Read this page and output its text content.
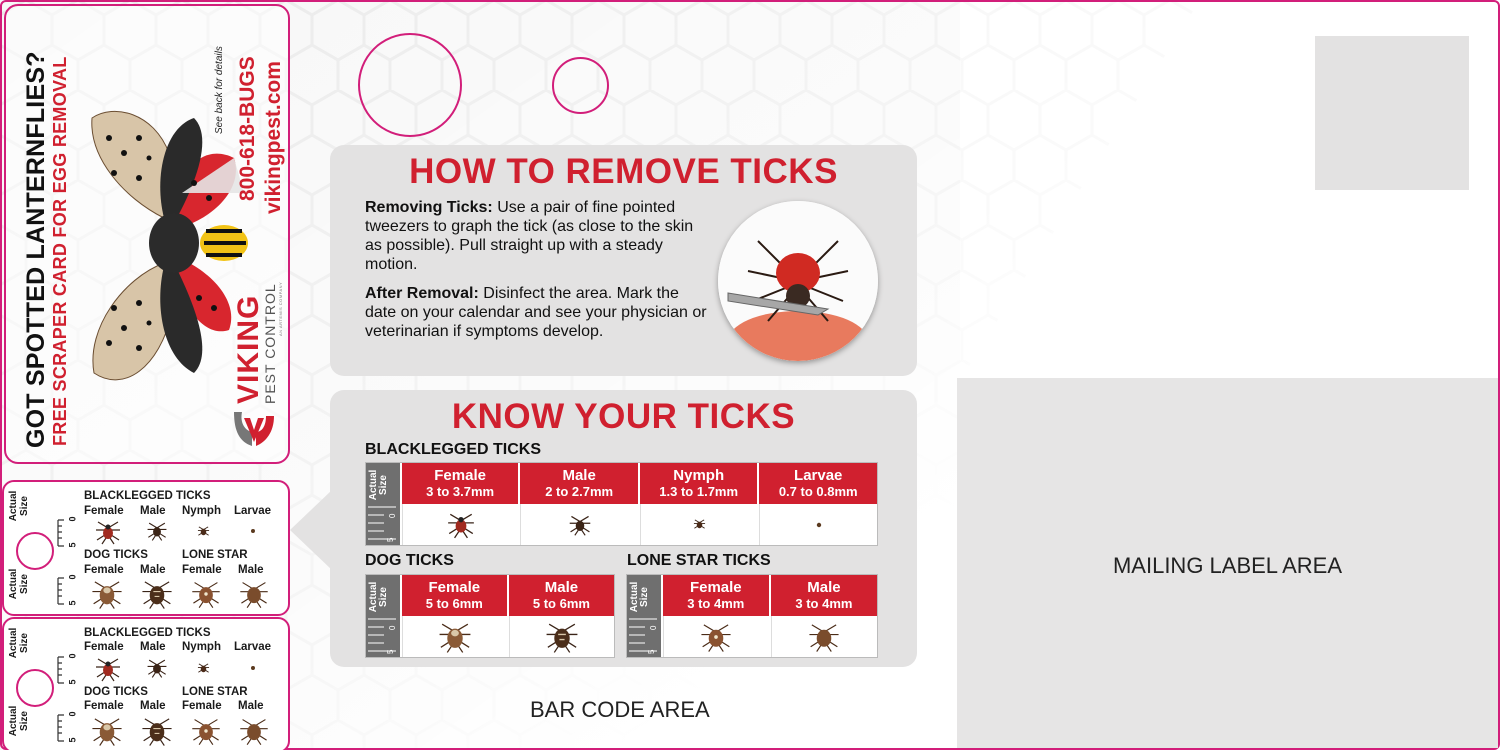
GOT SPOTTED LANTERNFLIES? FREE SCRAPER CARD FOR EGG REMOVAL	See back for details 800-618-BUGS vikingpest.com
VIKING
PEST CONTROL AN ARTEMIS COMPANY
Actual Size
Actual Size
0
5
0
5
BLACKLEGGED TICKS
Female Male Nymph Larvae
DOG TICKS	LONE STAR
Female Male Female Male
Actual Size
Actual Size
0
5
0
5
BLACKLEGGED TICKS
Female Male Nymph Larvae
DOG TICKS	LONE STAR
Female Male Female Male
HOW TO REMOVE TICKS

Removing Ticks: Use a pair of fine pointed tweezers to graph the tick (as close to the skin as possible). Pull straight up with a steady motion.

After Removal: Disinfect the area. Mark the date on your calendar and see your physician or veterinarian if symptoms develop.

KNOW YOUR TICKS
BLACKLEGGED TICKS
Actual Size
0
5
Female
3 to 3.7mm
Male
2 to 2.7mm
Nymph
1.3 to 1.7mm
Larvae
0.7 to 0.8mm
DOG TICKS
Actual Size
0
5
Female
5 to 6mm
Male
5 to 6mm
LONE STAR TICKS
Actual Size
0
5
Female
3 to 4mm
Male
3 to 4mm
BAR CODE AREA
MAILING LABEL AREA
